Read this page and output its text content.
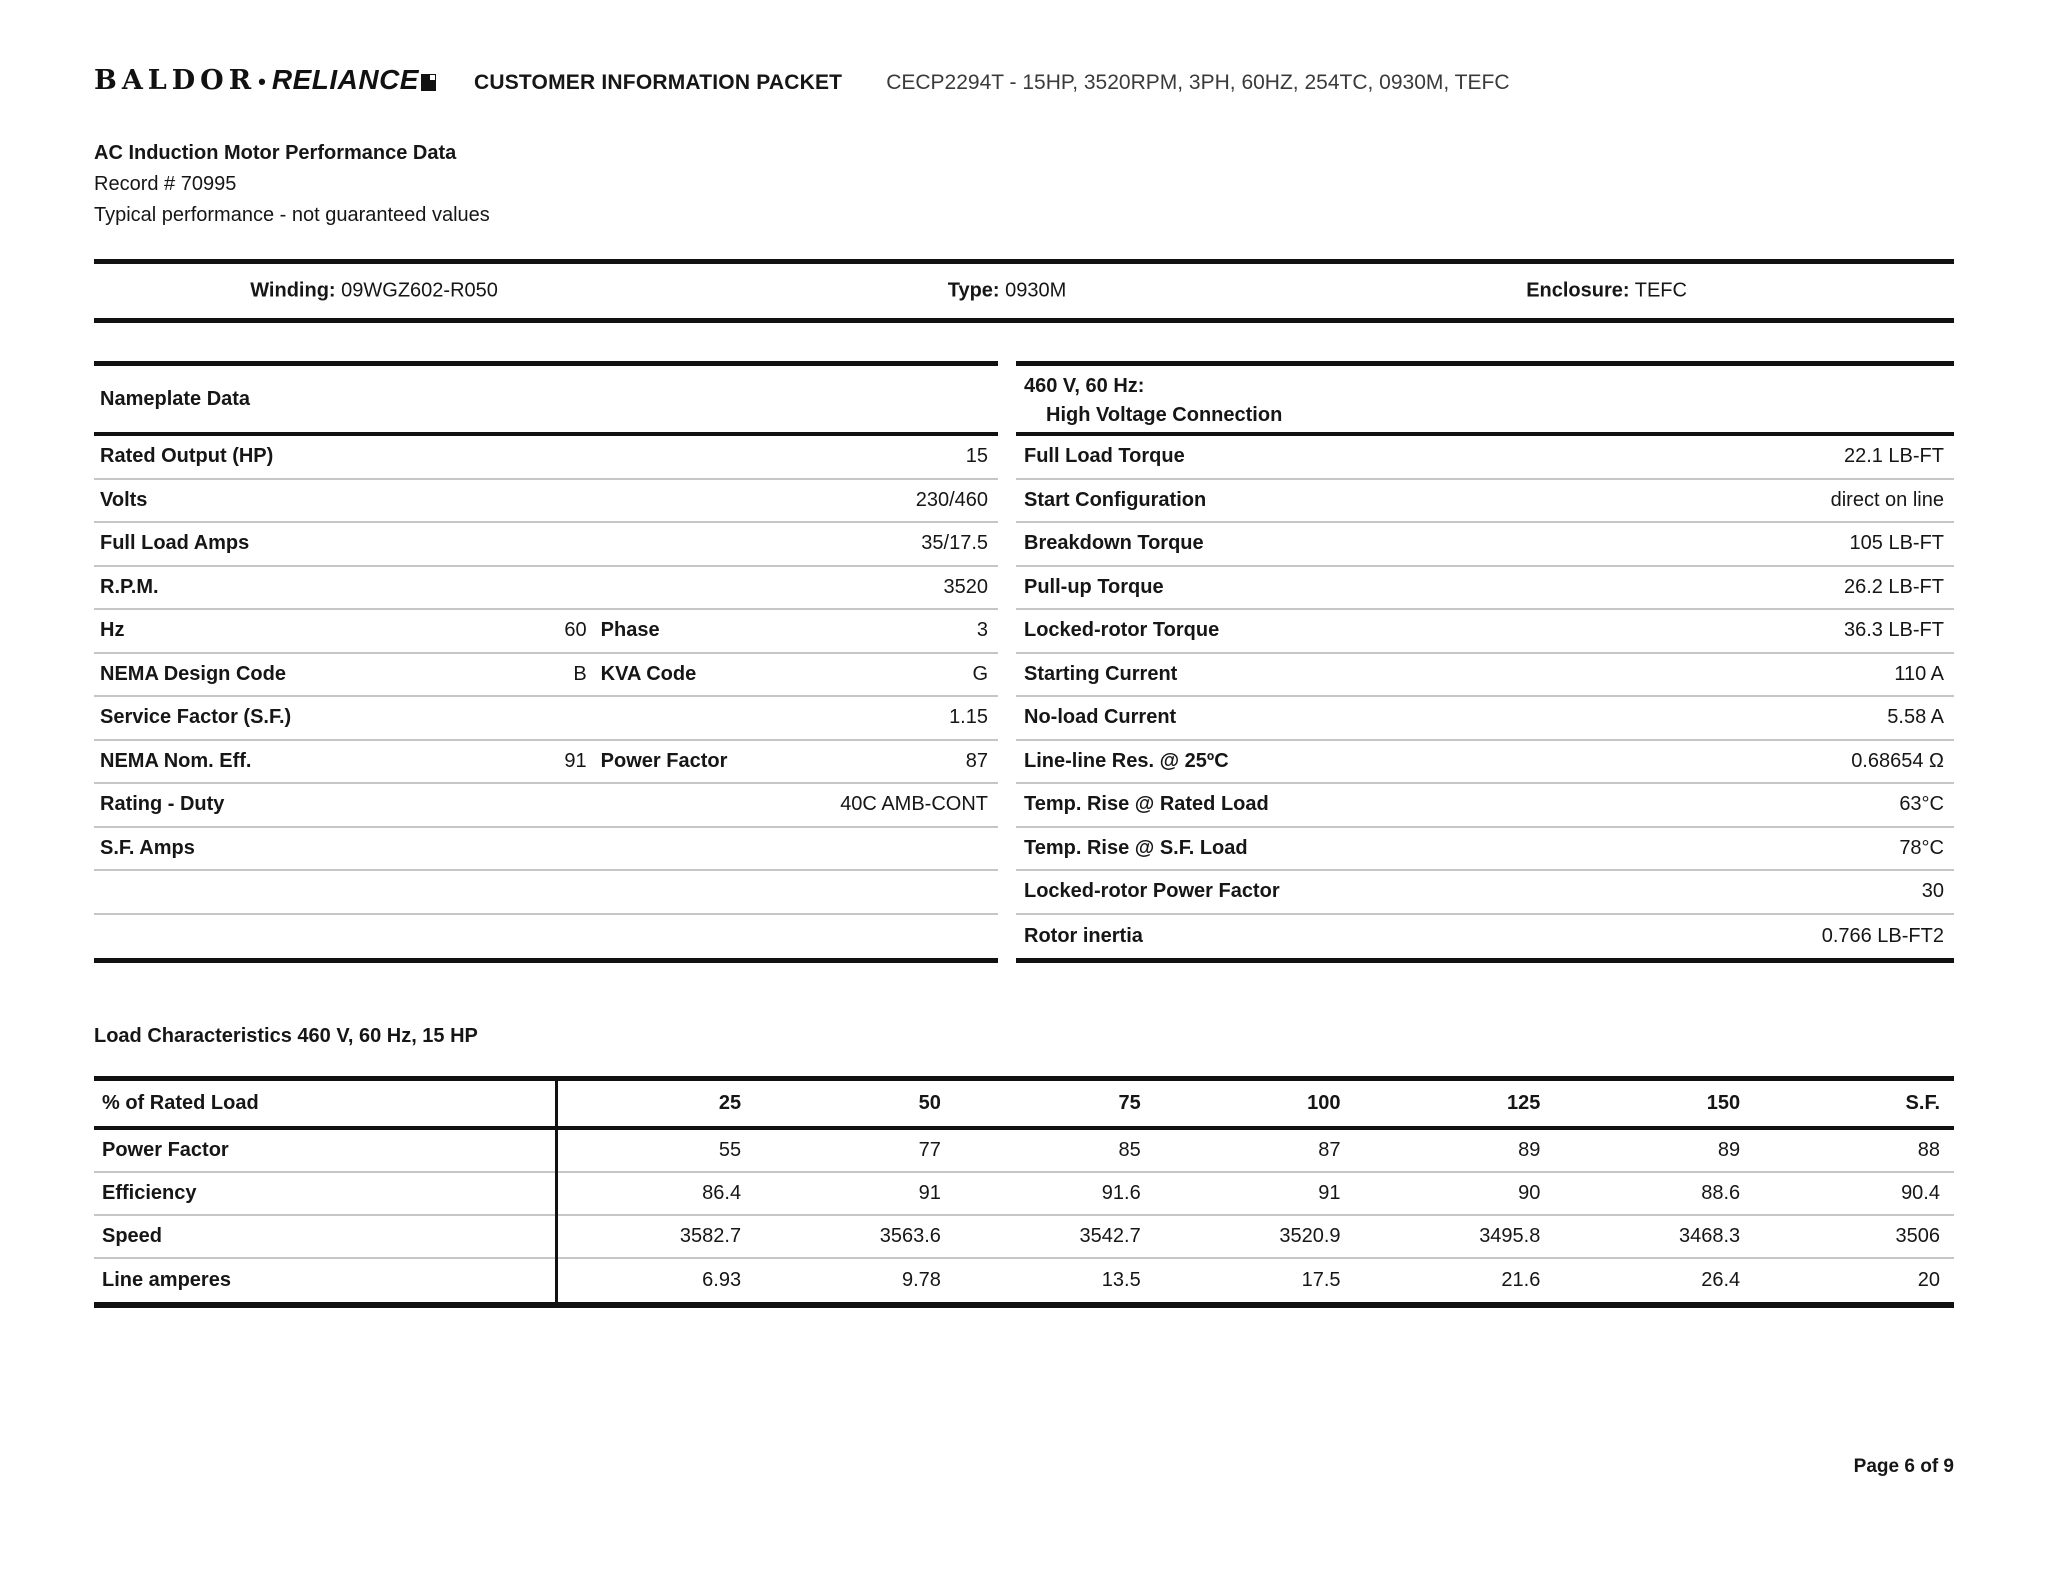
BALDOR • RELIANCE	CUSTOMER INFORMATION PACKET CECP2294T - 15HP, 3520RPM, 3PH, 60HZ, 254TC, 0930M, TEFC
AC Induction Motor Performance Data
Record # 70995
Typical performance - not guaranteed values
Winding: 09WGZ602-R050	Type: 0930M	Enclosure: TEFC
Nameplate Data
Rated Output (HP)	15
Volts	230/460
Full Load Amps	35/17.5
R.P.M.	3520
Hz	60 Phase	3
NEMA Design Code	B KVA Code	G
Service Factor (S.F.)	1.15
NEMA Nom. Eff.	91 Power Factor	87
Rating - Duty	40C AMB-CONT
S.F. Amps
460 V, 60 Hz:
High Voltage Connection
Full Load Torque	22.1 LB-FT
Start Configuration	direct on line
Breakdown Torque	105 LB-FT
Pull-up Torque	26.2 LB-FT
Locked-rotor Torque	36.3 LB-FT
Starting Current	110 A
No-load Current	5.58 A
Line-line Res. @ 25ºC	0.68654 Ω
Temp. Rise @ Rated Load	63°C
Temp. Rise @ S.F. Load	78°C
Locked-rotor Power Factor	30
Rotor inertia	0.766 LB-FT2
Load Characteristics 460 V, 60 Hz, 15 HP
% of Rated Load	25	50	75	100	125	150	S.F.
Power Factor	55	77	85	87	89	89	88
Efficiency	86.4	91	91.6	91	90	88.6	90.4
Speed	3582.7	3563.6	3542.7	3520.9	3495.8	3468.3	3506
Line amperes	6.93	9.78	13.5	17.5	21.6	26.4	20
Page 6 of 9
